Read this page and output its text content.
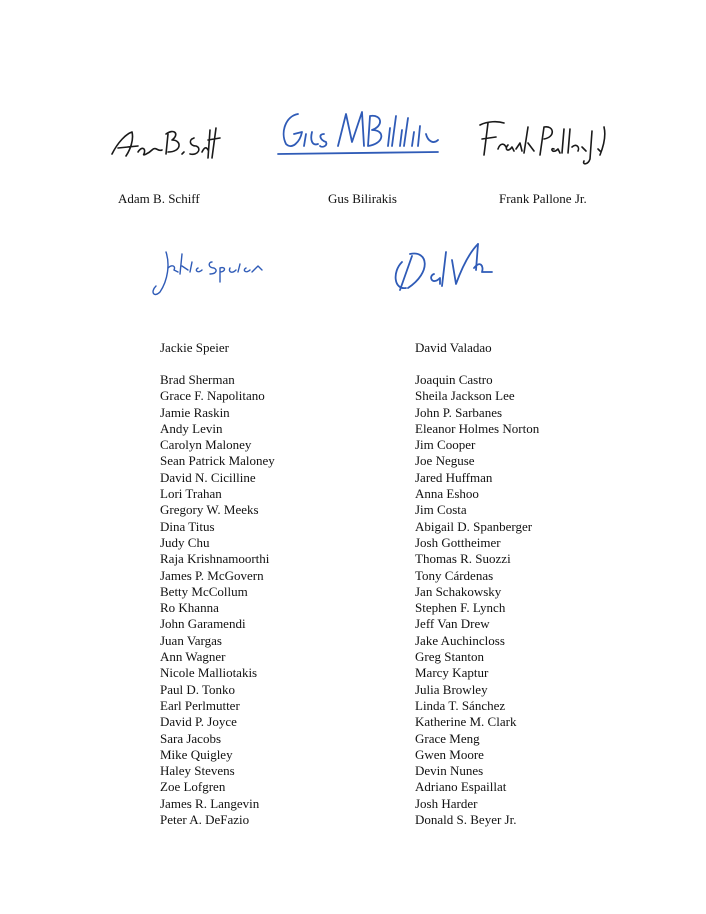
Adam B. Schiff	Gus Bilirakis	Frank Pallone Jr.
Jackie Speier	David Valadao
Brad Sherman
Grace F. Napolitano
Jamie Raskin
Andy Levin
Carolyn Maloney
Sean Patrick Maloney
David N. Cicilline
Lori Trahan
Gregory W. Meeks
Dina Titus
Judy Chu
Raja Krishnamoorthi
James P. McGovern
Betty McCollum
Ro Khanna
John Garamendi
Juan Vargas
Ann Wagner
Nicole Malliotakis
Paul D. Tonko
Earl Perlmutter
David P. Joyce
Sara Jacobs
Mike Quigley
Haley Stevens
Zoe Lofgren
James R. Langevin
Peter A. DeFazio
Joaquin Castro
Sheila Jackson Lee
John P. Sarbanes
Eleanor Holmes Norton
Jim Cooper
Joe Neguse
Jared Huffman
Anna Eshoo
Jim Costa
Abigail D. Spanberger
Josh Gottheimer
Thomas R. Suozzi
Tony Cárdenas
Jan Schakowsky
Stephen F. Lynch
Jeff Van Drew
Jake Auchincloss
Greg Stanton
Marcy Kaptur
Julia Browley
Linda T. Sánchez
Katherine M. Clark
Grace Meng
Gwen Moore
Devin Nunes
Adriano Espaillat
Josh Harder
Donald S. Beyer Jr.
